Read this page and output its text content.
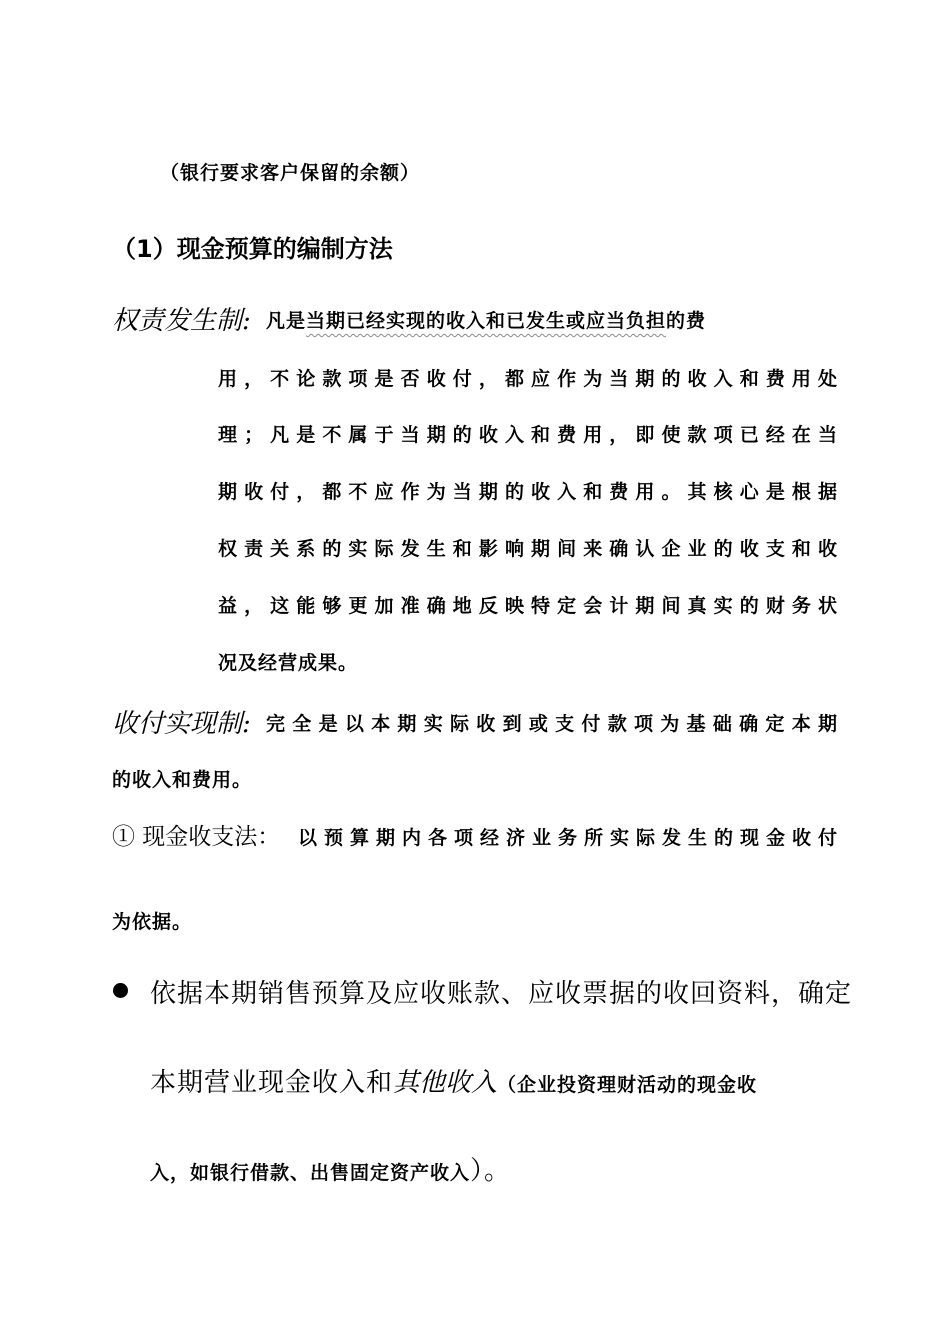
（银行要求客户保留的余额）
（1）现金预算的编制方法
权责发生制: 凡是当期已经实现的收入和已发生或应当负担的费
用，不论款项是否收付，都应作为当期的收入和费用处
理；凡是不属于当期的收入和费用，即使款项已经在当
期收付，都不应作为当期的收入和费用。其核心是根据
权责关系的实际发生和影响期间来确认企业的收支和收
益，这能够更加准确地反映特定会计期间真实的财务状
况及经营成果。
收付实现制: 完全是以本期实际收到或支付款项为基础确定本期
的收入和费用。
① 现金收支法： 以预算期内各项经济业务所实际发生的现金收付
为依据。
依据本期销售预算及应收账款、应收票据的收回资料，确定
本期营业现金收入和其他收入（企业投资理财活动的现金收
入，如银行借款、出售固定资产收入）。
